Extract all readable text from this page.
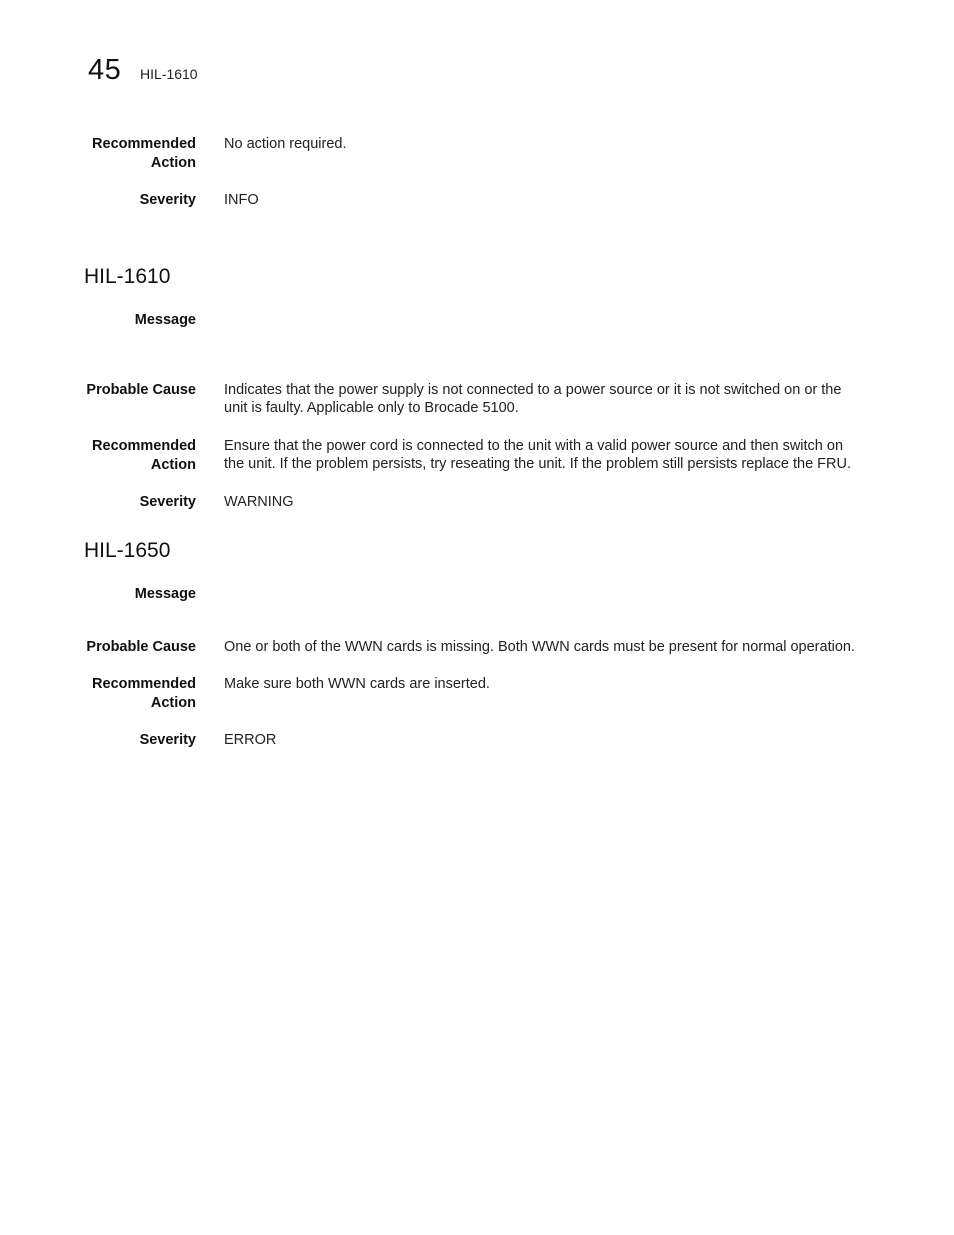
45 HIL-1610
Recommended
Action
No action required.
Severity INFO
HIL-1610
Message
Probable Cause Indicates that the power supply is not connected to a power source or it is not switched on or the
unit is faulty. Applicable only to Brocade 5100.
Recommended
Action
Ensure that the power cord is connected to the unit with a valid power source and then switch on
the unit. If the problem persists, try reseating the unit. If the problem still persists replace the FRU.
Severity WARNING
HIL-1650
Message
Probable Cause One or both of the WWN cards is missing. Both WWN cards must be present for normal operation.
Recommended
Action
Make sure both WWN cards are inserted.
Severity ERROR
